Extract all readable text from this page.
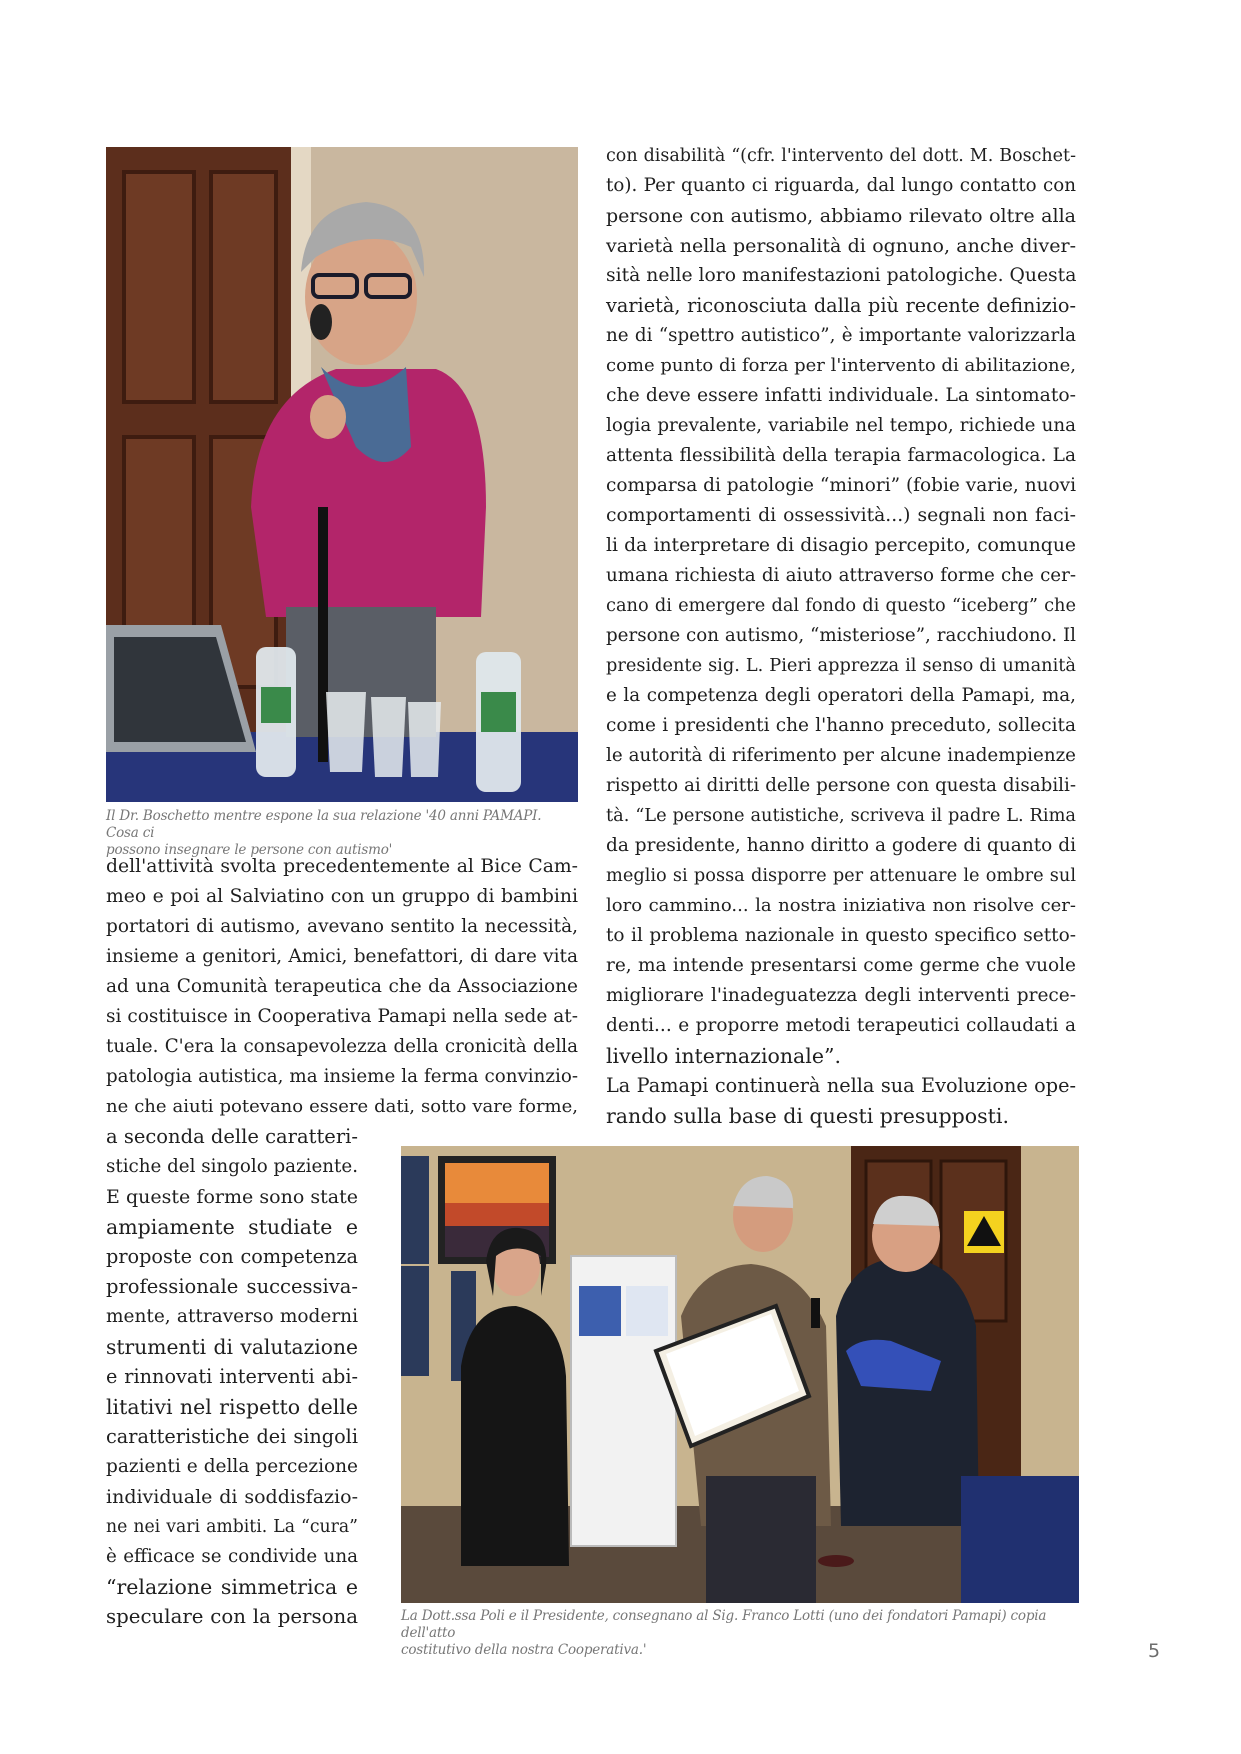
Il Dr. Boschetto mentre espone la sua relazione '40 anni PAMAPI. Cosa ci
possono insegnare le persone con autismo'
dell'attività svolta precedentemente al Bice Cam-
meo e poi al Salviatino con un gruppo di bambini
portatori di autismo, avevano sentito la necessità,
insieme a genitori, Amici, benefattori, di dare vita
ad una Comunità terapeutica che da Associazione
si costituisce in Cooperativa Pamapi nella sede at-
tuale. C'era la consapevolezza della cronicità della
patologia autistica, ma insieme la ferma convinzio-
ne che aiuti potevano essere dati, sotto vare forme,
a seconda delle caratteri-
stiche del singolo paziente.
E queste forme sono state
ampiamente studiate e
proposte con competenza
professionale successiva-
mente, attraverso moderni
strumenti di valutazione
e rinnovati interventi abi-
litativi nel rispetto delle
caratteristiche dei singoli
pazienti e della percezione
individuale di soddisfazio-
ne nei vari ambiti. La “cura”
è efficace se condivide una
“relazione simmetrica e
speculare con la persona
con disabilità “(cfr. l'intervento del dott. M. Boschet-
to). Per quanto ci riguarda, dal lungo contatto con
persone con autismo, abbiamo rilevato oltre alla
varietà nella personalità di ognuno, anche diver-
sità nelle loro manifestazioni patologiche. Questa
varietà, riconosciuta dalla più recente definizio-
ne di “spettro autistico”, è importante valorizzarla
come punto di forza per l'intervento di abilitazione,
che deve essere infatti individuale. La sintomato-
logia prevalente, variabile nel tempo, richiede una
attenta flessibilità della terapia farmacologica. La
comparsa di patologie “minori” (fobie varie, nuovi
comportamenti di ossessività...) segnali non faci-
li da interpretare di disagio percepito, comunque
umana richiesta di aiuto attraverso forme che cer-
cano di emergere dal fondo di questo “iceberg” che
persone con autismo, “misteriose”, racchiudono. Il
presidente sig. L. Pieri apprezza il senso di umanità
e la competenza degli operatori della Pamapi, ma,
come i presidenti che l'hanno preceduto, sollecita
le autorità di riferimento per alcune inadempienze
rispetto ai diritti delle persone con questa disabili-
tà. “Le persone autistiche, scriveva il padre L. Rima
da presidente, hanno diritto a godere di quanto di
meglio si possa disporre per attenuare le ombre sul
loro cammino... la nostra iniziativa non risolve cer-
to il problema nazionale in questo specifico setto-
re, ma intende presentarsi come germe che vuole
migliorare l'inadeguatezza degli interventi prece-
denti... e proporre metodi terapeutici collaudati a
livello internazionale”.
La Pamapi continuerà nella sua Evoluzione ope-
rando sulla base di questi presupposti.
La Dott.ssa Poli e il Presidente, consegnano al Sig. Franco Lotti (uno dei fondatori Pamapi) copia dell'atto
costitutivo della nostra Cooperativa.'	5
